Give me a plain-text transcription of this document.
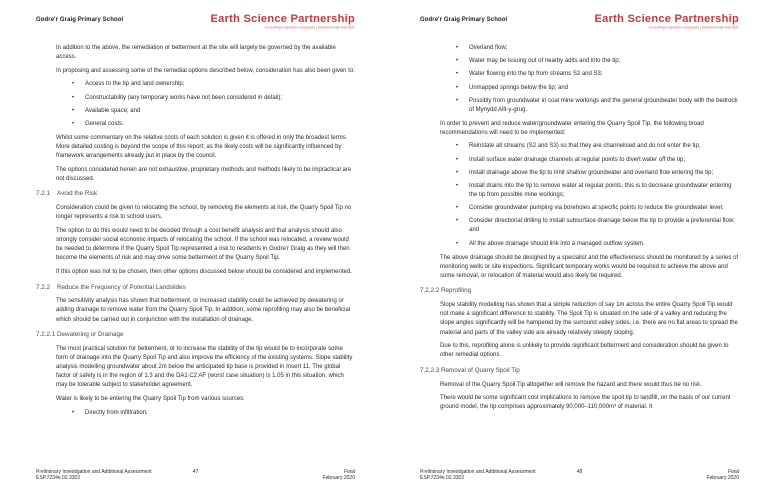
Godre'r Graig Primary School	Earth Science Partnership
Consulting Engineers | Geologists | Environmental Scientists

In addition to the above, the remediation or betterment at the site will largely be governed by the available access.

In proposing and assessing some of the remedial options described below, consideration has also been given to:

•	Access to the tip and land ownership;
•	Constructability (any temporary works have not been considered in detail);
•	Available space; and
•	General costs.

Whilst some commentary on the relative costs of each solution is given it is offered in only the broadest terms. More detailed costing is beyond the scope of this report; as the likely costs will be significantly influenced by framework arrangements already put in place by the council.

The options considered herein are not exhaustive, proprietary methods and methods likely to be impractical are not discussed.

7.2.1	Avoid the Risk

Consideration could be given to relocating the school, by removing the elements at risk, the Quarry Spoil Tip no longer represents a risk to school users.

The option to do this would need to be decided through a cost benefit analysis and that analysis should also strongly consider social economic impacts of relocating the school. If the school was relocated, a review would be needed to determine if the Quarry Spoil Tip represented a risk to residents in Godre'r Graig as they will then become the elements of risk and may drive some betterment of the Quarry Spoil Tip.

If this option was not to be chosen, then other options discussed below should be considered and implemented.

7.2.2	Reduce the Frequency of Potential Landslides

The sensitivity analysis has shown that betterment, or increased stability could be achieved by dewatering or adding drainage to remove water from the Quarry Spoil Tip. In addition, some reprofiling may also be beneficial which should be carried out in conjunction with the installation of drainage.

7.2.2.1 Dewatering or Drainage

The most practical solution for betterment, or to increase the stability of the tip would be to incorporate some form of drainage into the Quarry Spoil Tip and also improve the efficiency of the existing systems. Slope stability analysis modelling groundwater about 2m below the anticipated tip base is provided in Insert 11. The global factor of safety is in the region of 1.3 and the DA1 C2 AF (worst case situation) is 1.05 in this situation, which may be tolerable subject to stakeholder agreement.

Water is likely to be entering the Quarry Spoil Tip from various sources:

•	Directly from infiltration;
Preliminary Investigation and Additional Assessment
ESP.7234e.02.3302
47	Final
February 2020
Godre'r Graig Primary School	Earth Science Partnership
Consulting Engineers | Geologists | Environmental Scientists
•	Overland flow;
•	Water may be issuing out of nearby adits and into the tip;
•	Water flowing into the tip from streams S2 and S3;
•	Unmapped springs below the tip; and
•	Possibly from groundwater in coal mine workings and the general groundwater body with the bedrock of Mynydd Allt-y-grug.

In order to prevent and reduce water/groundwater entering the Quarry Spoil Tip, the following broad recommendations will need to be implemented:

•	Reinstate all streams (S2 and S3) so that they are channelised and do not enter the tip;
•	Install surface water drainage channels at regular points to divert water off the tip;
•	Install drainage above the tip to limit shallow groundwater and overland flow entering the tip;
•	Install drains into the tip to remove water at regular points, this is to decrease groundwater entering the tip from possible mine workings;
•	Consider groundwater pumping via boreholes at specific points to reduce the groundwater level;
•	Consider directional drilling to install subsurface drainage below the tip to provide a preferential flow; and
•	All the above drainage should link into a managed outflow system.

The above drainage should be designed by a specialist and the effectiveness should be monitored by a series of monitoring wells or site inspections. Significant temporary works would be required to achieve the above and some removal, or relocation of material would also likely be required.

7.2.2.2 Reprofiling

Slope stability modelling has shown that a simple reduction of say 1m across the entire Quarry Spoil Tip would not make a significant difference to stability. The Spoil Tip is situated on the side of a valley and reducing the slope angles significantly will be hampered by the surround valley sides, i.e. there are no flat areas to spread the material and parts of the valley side are already relatively steeply sloping.

Due to this, reprofiling alone is unlikely to provide significant betterment and consideration should be given to other remedial options.

7.2.2.3 Removal of Quarry Spoil Tip

Removal of the Quarry Spoil Tip altogether will remove the hazard and there would thus be no risk.

There would be some significant cost implications to remove the spoil tip to landfill, on the basis of our current ground model, the tip comprises approximately 90,000–110,000m³ of material. It

Preliminary Investigation and Additional Assessment
ESP.7234e.02.3302
48	Final
February 2020
